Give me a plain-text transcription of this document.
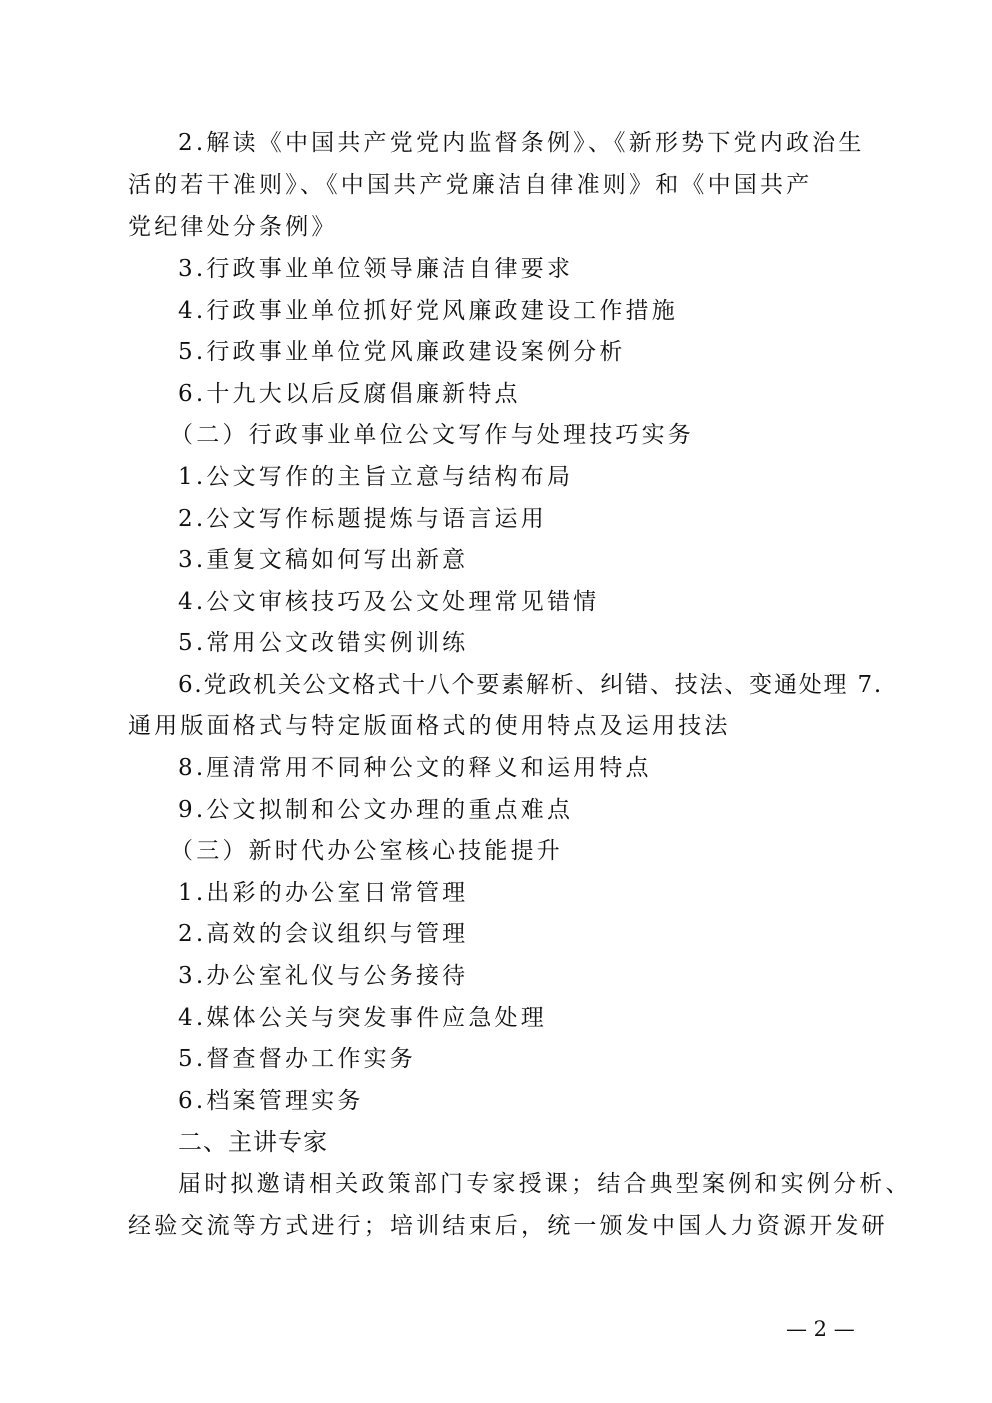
2.解读《中国共产党党内监督条例》、《新形势下党内政治生
活的若干准则》、《中国共产党廉洁自律准则》和《中国共产
党纪律处分条例》
3.行政事业单位领导廉洁自律要求
4.行政事业单位抓好党风廉政建设工作措施
5.行政事业单位党风廉政建设案例分析
6.十九大以后反腐倡廉新特点
（二）行政事业单位公文写作与处理技巧实务
1.公文写作的主旨立意与结构布局
2.公文写作标题提炼与语言运用
3.重复文稿如何写出新意
4.公文审核技巧及公文处理常见错情
5.常用公文改错实例训练
6.党政机关公文格式十八个要素解析、纠错、技法、变通处理 7.
通用版面格式与特定版面格式的使用特点及运用技法
8.厘清常用不同种公文的释义和运用特点
9.公文拟制和公文办理的重点难点
（三）新时代办公室核心技能提升
1.出彩的办公室日常管理
2.高效的会议组织与管理
3.办公室礼仪与公务接待
4.媒体公关与突发事件应急处理
5.督查督办工作实务
6.档案管理实务
二、主讲专家
届时拟邀请相关政策部门专家授课；结合典型案例和实例分析、
经验交流等方式进行；培训结束后，统一颁发中国人力资源开发研
— 2 —
